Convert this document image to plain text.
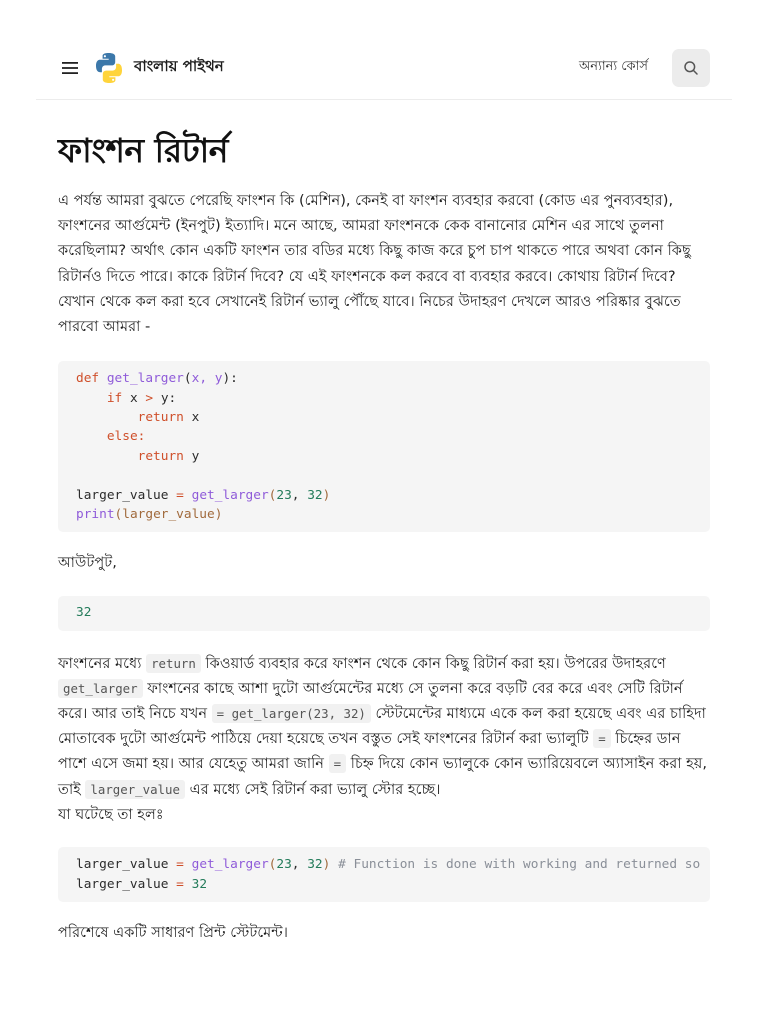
বাংলায় পাইথন	অন্যান্য কোর্স
ফাংশন রিটার্ন

এ পর্যন্ত আমরা বুঝতে পেরেছি ফাংশন কি (মেশিন), কেনই বা ফাংশন ব্যবহার করবো (কোড এর পুনব্যবহার), ফাংশনের আর্গুমেন্ট (ইনপুট) ইত্যাদি। মনে আছে, আমরা ফাংশনকে কেক বানানোর মেশিন এর সাথে তুলনা করেছিলাম? অর্থাৎ কোন একটি ফাংশন তার বডির মধ্যে কিছু কাজ করে চুপ চাপ থাকতে পারে অথবা কোন কিছু রিটার্নও দিতে পারে। কাকে রিটার্ন দিবে? যে এই ফাংশনকে কল করবে বা ব্যবহার করবে। কোথায় রিটার্ন দিবে? যেখান থেকে কল করা হবে সেখানেই রিটার্ন ভ্যালু পৌঁছে যাবে। নিচের উদাহরণ দেখলে আরও পরিষ্কার বুঝতে পারবো আমরা -

def get_larger(x, y):
if x > y:
return x
else:
return y

larger_value = get_larger(23, 32)
print(larger_value)

আউটপুট,

32

ফাংশনের মধ্যে return কিওয়ার্ড ব্যবহার করে ফাংশন থেকে কোন কিছু রিটার্ন করা হয়। উপরের উদাহরণে get_larger ফাংশনের কাছে আশা দুটো আর্গুমেন্টের মধ্যে সে তুলনা করে বড়টি বের করে এবং সেটি রিটার্ন করে। আর তাই নিচে যখন = get_larger(23, 32) স্টেটমেন্টের মাধ্যমে একে কল করা হয়েছে এবং এর চাহিদা মোতাবেক দুটো আর্গুমেন্ট পাঠিয়ে দেয়া হয়েছে তখন বস্তুত সেই ফাংশনের রিটার্ন করা ভ্যালুটি = চিহ্নের ডান পাশে এসে জমা হয়। আর যেহেতু আমরা জানি = চিহ্ন দিয়ে কোন ভ্যালুকে কোন ভ্যারিয়েবলে অ্যাসাইন করা হয়, তাই larger_value এর মধ্যে সেই রিটার্ন করা ভ্যালু স্টোর হচ্ছে।

যা ঘটেছে তা হলঃ

larger_value = get_larger(23, 32) # Function is done with working and returned so
larger_value = 32

পরিশেষে একটি সাধারণ প্রিন্ট স্টেটমেন্ট।
